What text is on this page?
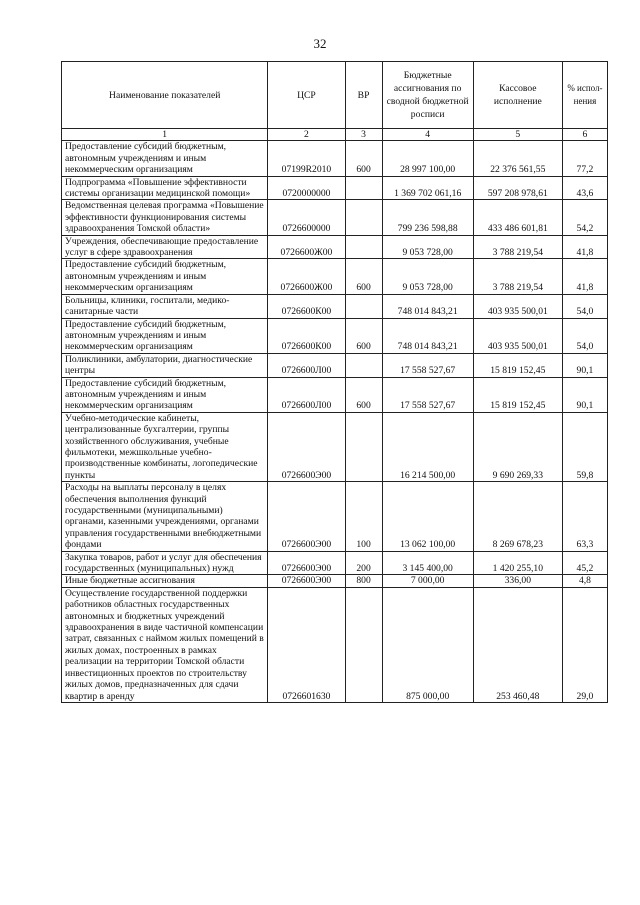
32
Наименование показателей	ЦСР	ВР	Бюджетные ассигнования по сводной бюджетной росписи	Кассовое исполнение	% испол-нения
1	2	3	4	5	6
Предоставление субсидий бюджетным, автономным учреждениям и иным некоммерческим организациям	07199R2010	600	28 997 100,00	22 376 561,55	77,2
Подпрограмма «Повышение эффективности системы организации медицинской помощи»	0720000000		1 369 702 061,16	597 208 978,61	43,6
Ведомственная целевая программа «Повышение эффективности функционирования системы здравоохранения Томской области»	0726600000		799 236 598,88	433 486 601,81	54,2
Учреждения, обеспечивающие предоставление услуг в сфере здравоохранения	0726600Ж00		9 053 728,00	3 788 219,54	41,8
Предоставление субсидий бюджетным, автономным учреждениям и иным некоммерческим организациям	0726600Ж00	600	9 053 728,00	3 788 219,54	41,8
Больницы, клиники, госпитали, медико-санитарные части	0726600К00		748 014 843,21	403 935 500,01	54,0
Предоставление субсидий бюджетным, автономным учреждениям и иным некоммерческим организациям	0726600К00	600	748 014 843,21	403 935 500,01	54,0
Поликлиники, амбулатории, диагностические центры	0726600Л00		17 558 527,67	15 819 152,45	90,1
Предоставление субсидий бюджетным, автономным учреждениям и иным некоммерческим организациям	0726600Л00	600	17 558 527,67	15 819 152,45	90,1
Учебно-методические кабинеты, централизованные бухгалтерии, группы хозяйственного обслуживания, учебные фильмотеки, межшкольные учебно-производственные комбинаты, логопедические пункты	0726600Э00		16 214 500,00	9 690 269,33	59,8
Расходы на выплаты персоналу в целях обеспечения выполнения функций государственными (муниципальными) органами, казенными учреждениями, органами управления государственными внебюджетными фондами	0726600Э00	100	13 062 100,00	8 269 678,23	63,3
Закупка товаров, работ и услуг для обеспечения государственных (муниципальных) нужд	0726600Э00	200	3 145 400,00	1 420 255,10	45,2
Иные бюджетные ассигнования	0726600Э00	800	7 000,00	336,00	4,8
Осуществление государственной поддержки работников областных государственных автономных и бюджетных учреждений здравоохранения в виде частичной компенсации затрат, связанных с наймом жилых помещений в жилых домах, построенных в рамках реализации на территории Томской области инвестиционных проектов по строительству жилых домов, предназначенных для сдачи квартир в аренду	0726601630		875 000,00	253 460,48	29,0
